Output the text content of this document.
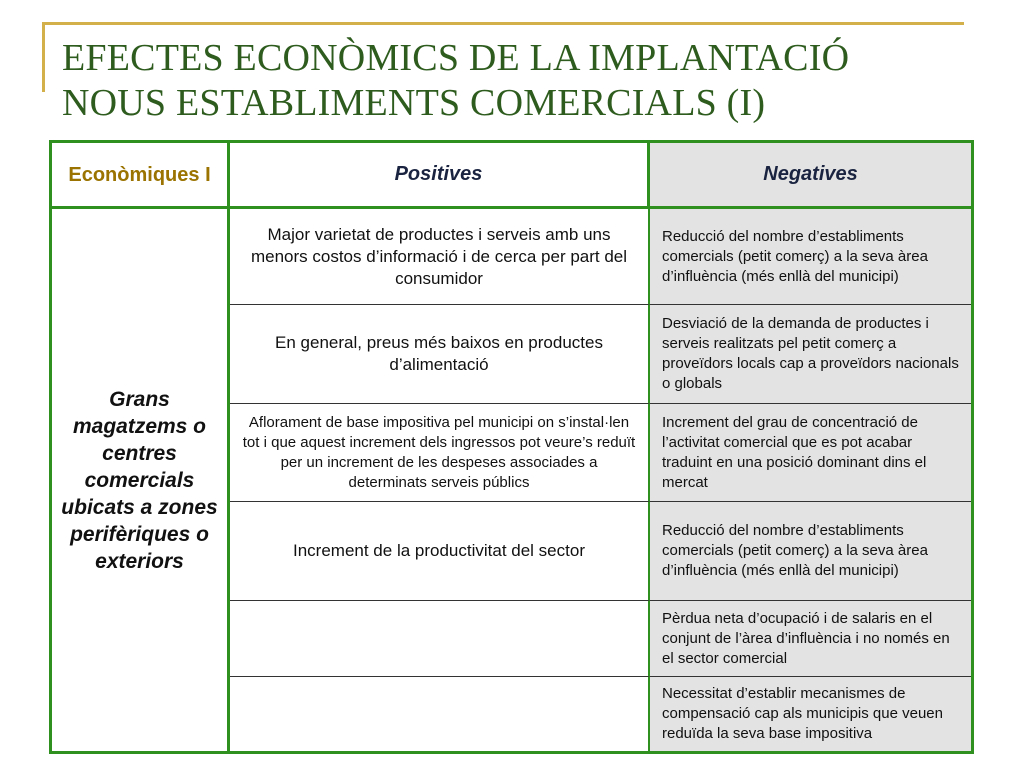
EFECTES ECONÒMICS DE LA IMPLANTACIÓ
NOUS ESTABLIMENTS COMERCIALS (I)
Econòmiques I	Positives	Negatives
Grans magatzems o centres comercials ubicats a zones perifèriques o exteriors
Major varietat de productes i serveis amb uns menors costos d’informació i de cerca per part del consumidor
Reducció del nombre d’establiments comercials (petit comerç) a la seva àrea d’influència (més enllà del municipi)
En general, preus més baixos en productes d’alimentació
Desviació de la demanda de productes i serveis realitzats pel petit comerç a proveïdors locals cap a proveïdors nacionals o globals
Aflorament de base impositiva pel municipi on s’instal·len tot i que aquest increment dels ingressos pot veure’s reduït per un increment de les despeses associades a determinats serveis públics
Increment del grau de concentració de l’activitat comercial que es pot acabar traduint en una posició dominant dins el mercat
Increment de la productivitat del sector
Reducció del nombre d’establiments comercials (petit comerç) a la seva àrea d’influència (més enllà del municipi)
Pèrdua neta d’ocupació i de salaris en el conjunt de l’àrea d’influència i no només en el sector comercial
Necessitat d’establir mecanismes de compensació cap als municipis que veuen reduïda la seva base impositiva
